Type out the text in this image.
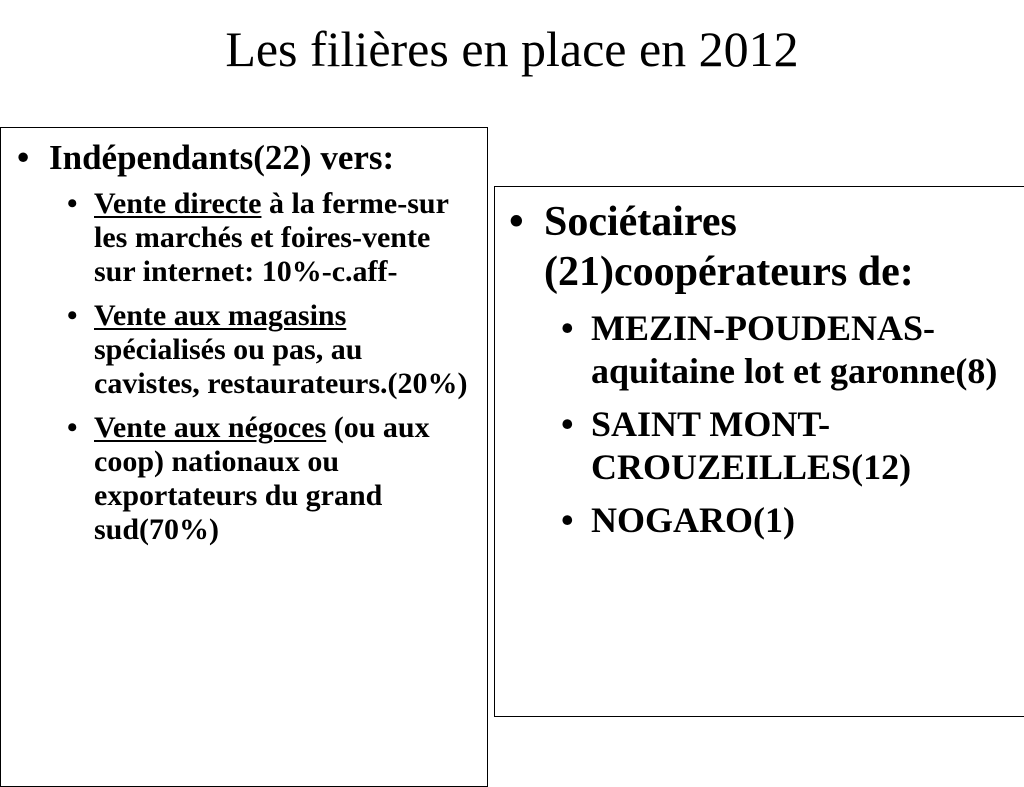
Les filières en place en 2012
• Indépendants(22) vers:
• Vente directe à la ferme-sur les marchés et foires-vente sur internet: 10%-c.aff-
• Vente aux magasins spécialisés ou pas, au cavistes, restaurateurs.(20%)
• Vente aux négoces (ou aux coop) nationaux ou exportateurs du grand sud(70%)
• Sociétaires (21)coopérateurs de:
• MEZIN-POUDENAS-aquitaine lot et garonne(8)
• SAINT MONT-CROUZEILLES(12)
• NOGARO(1)
